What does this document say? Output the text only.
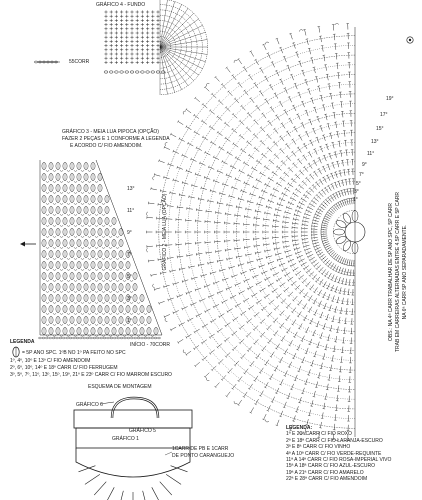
GRÁFICO 4 - FUNDO
55CORR
GRÁFICO 3 - MEIA LUA PIPOCA (OPÇÃO)
FAZER 2 PEÇAS E 1 CONFORME A LEGENDA
E ACORDO C/ FIO AMENDOIM.
13°
11°
9°
7°
5°
3°
1°
INÍCIO - 70CORR
LEGENDA
= 5P ANO SPC. 1ºB NO 1º PA FEITO NO SPC
1º, 4º, 10º E 13º C/ FIO AMENDOIM
2º, 6º, 10º, 14º E 18º CARR C/ FIO FERRUGEM
3º, 5º, 7º, 11º, 13º, 15º, 19º, 21º E 23º CARR C/ FIO MARROM ESCURO
GRÁFICO 2 - MEIA LUA (OPÇÃO)	OBS.: NA 4ª CARR TRABALHAR DE 5P ANO SPC, 5P CARR TRAB EM CARREIRAS ALTERNADAS ENTRE 4.5P CARR E 5P CARR NA 6ª CARR 5P ANO SEPARADAMENTE.
19°
17°
15°
13°
11°
9°
7°
5°
3°
1°
ESQUEMA DE MONTAGEM
GRÁFICO 6
GRÁFICO 5
GRÁFICO 1
1CARR DE PB E 1CARR
DE PONTO CARANGUEJO
LEGENDA:
1ª E 20ª CARR C/ FIO ROXO
2ª E 18ª CARR C/ FIO LARANJA-ESCURO
3ª E 8ª CARR C/ FIO VINHO
4ª A 10ª CARR C/ FIO VERDE-REQUINTE
11ª A 14ª CARR C/ FIO ROSA-IMPERIAL VIVO
15ª A 18ª CARR C/ FIO AZUL-ESCURO
19ª A 21ª CARR C/ FIO AMARELO
22ª E 28ª CARR C/ FIO AMENDOIM
